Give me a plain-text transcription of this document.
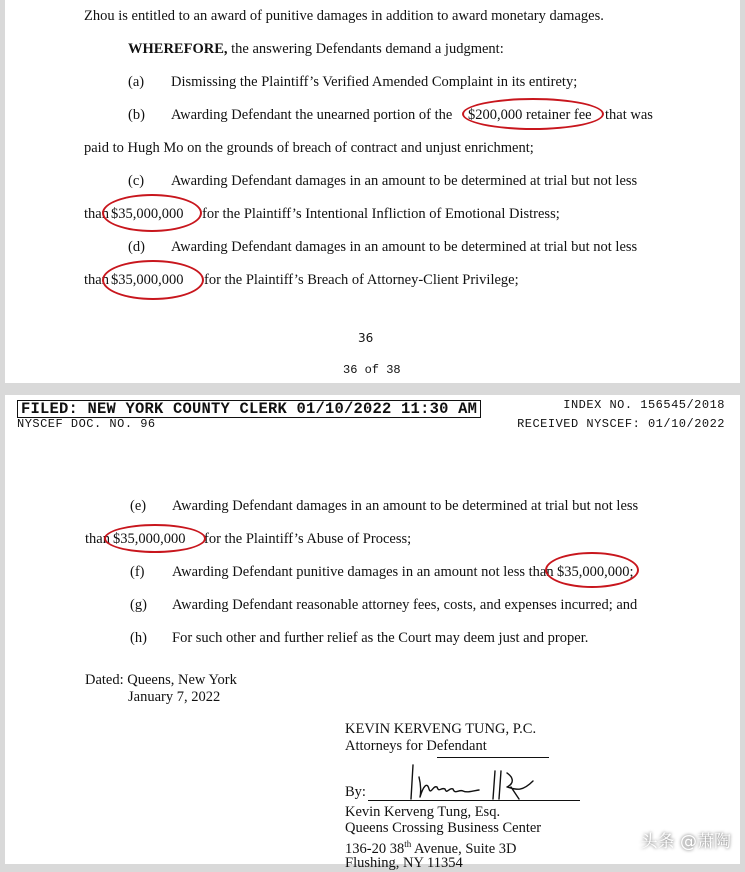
Zhou is entitled to an award of punitive damages in addition to award monetary damages.
WHEREFORE, the answering Defendants demand a judgment:
(a) Dismissing the Plaintiff’s Verified Amended Complaint in its entirety;
(b) Awarding Defendant the unearned portion of the $200,000 retainer fee that was
paid to Hugh Mo on the grounds of breach of contract and unjust enrichment;
(c) Awarding Defendant damages in an amount to be determined at trial but not less
than $35,000,000 for the Plaintiff’s Intentional Infliction of Emotional Distress;
(d) Awarding Defendant damages in an amount to be determined at trial but not less
than $35,000,000 for the Plaintiff’s Breach of Attorney-Client Privilege;
36
36 of 38
FILED: NEW YORK COUNTY CLERK 01/10/2022 11:30 AM	INDEX NO. 156545/2018
NYSCEF DOC. NO. 96	RECEIVED NYSCEF: 01/10/2022
(e) Awarding Defendant damages in an amount to be determined at trial but not less
than $35,000,000 for the Plaintiff’s Abuse of Process;
(f) Awarding Defendant punitive damages in an amount not less than $35,000,000;
(g) Awarding Defendant reasonable attorney fees, costs, and expenses incurred; and
(h) For such other and further relief as the Court may deem just and proper.
Dated: Queens, New York
January 7, 2022
KEVIN KERVENG TUNG, P.C.
Attorneys for Defendant
By:
Kevin Kerveng Tung, Esq.
Queens Crossing Business Center
136-20 38th Avenue, Suite 3D
Flushing, NY 11354
头条 @萧陶
